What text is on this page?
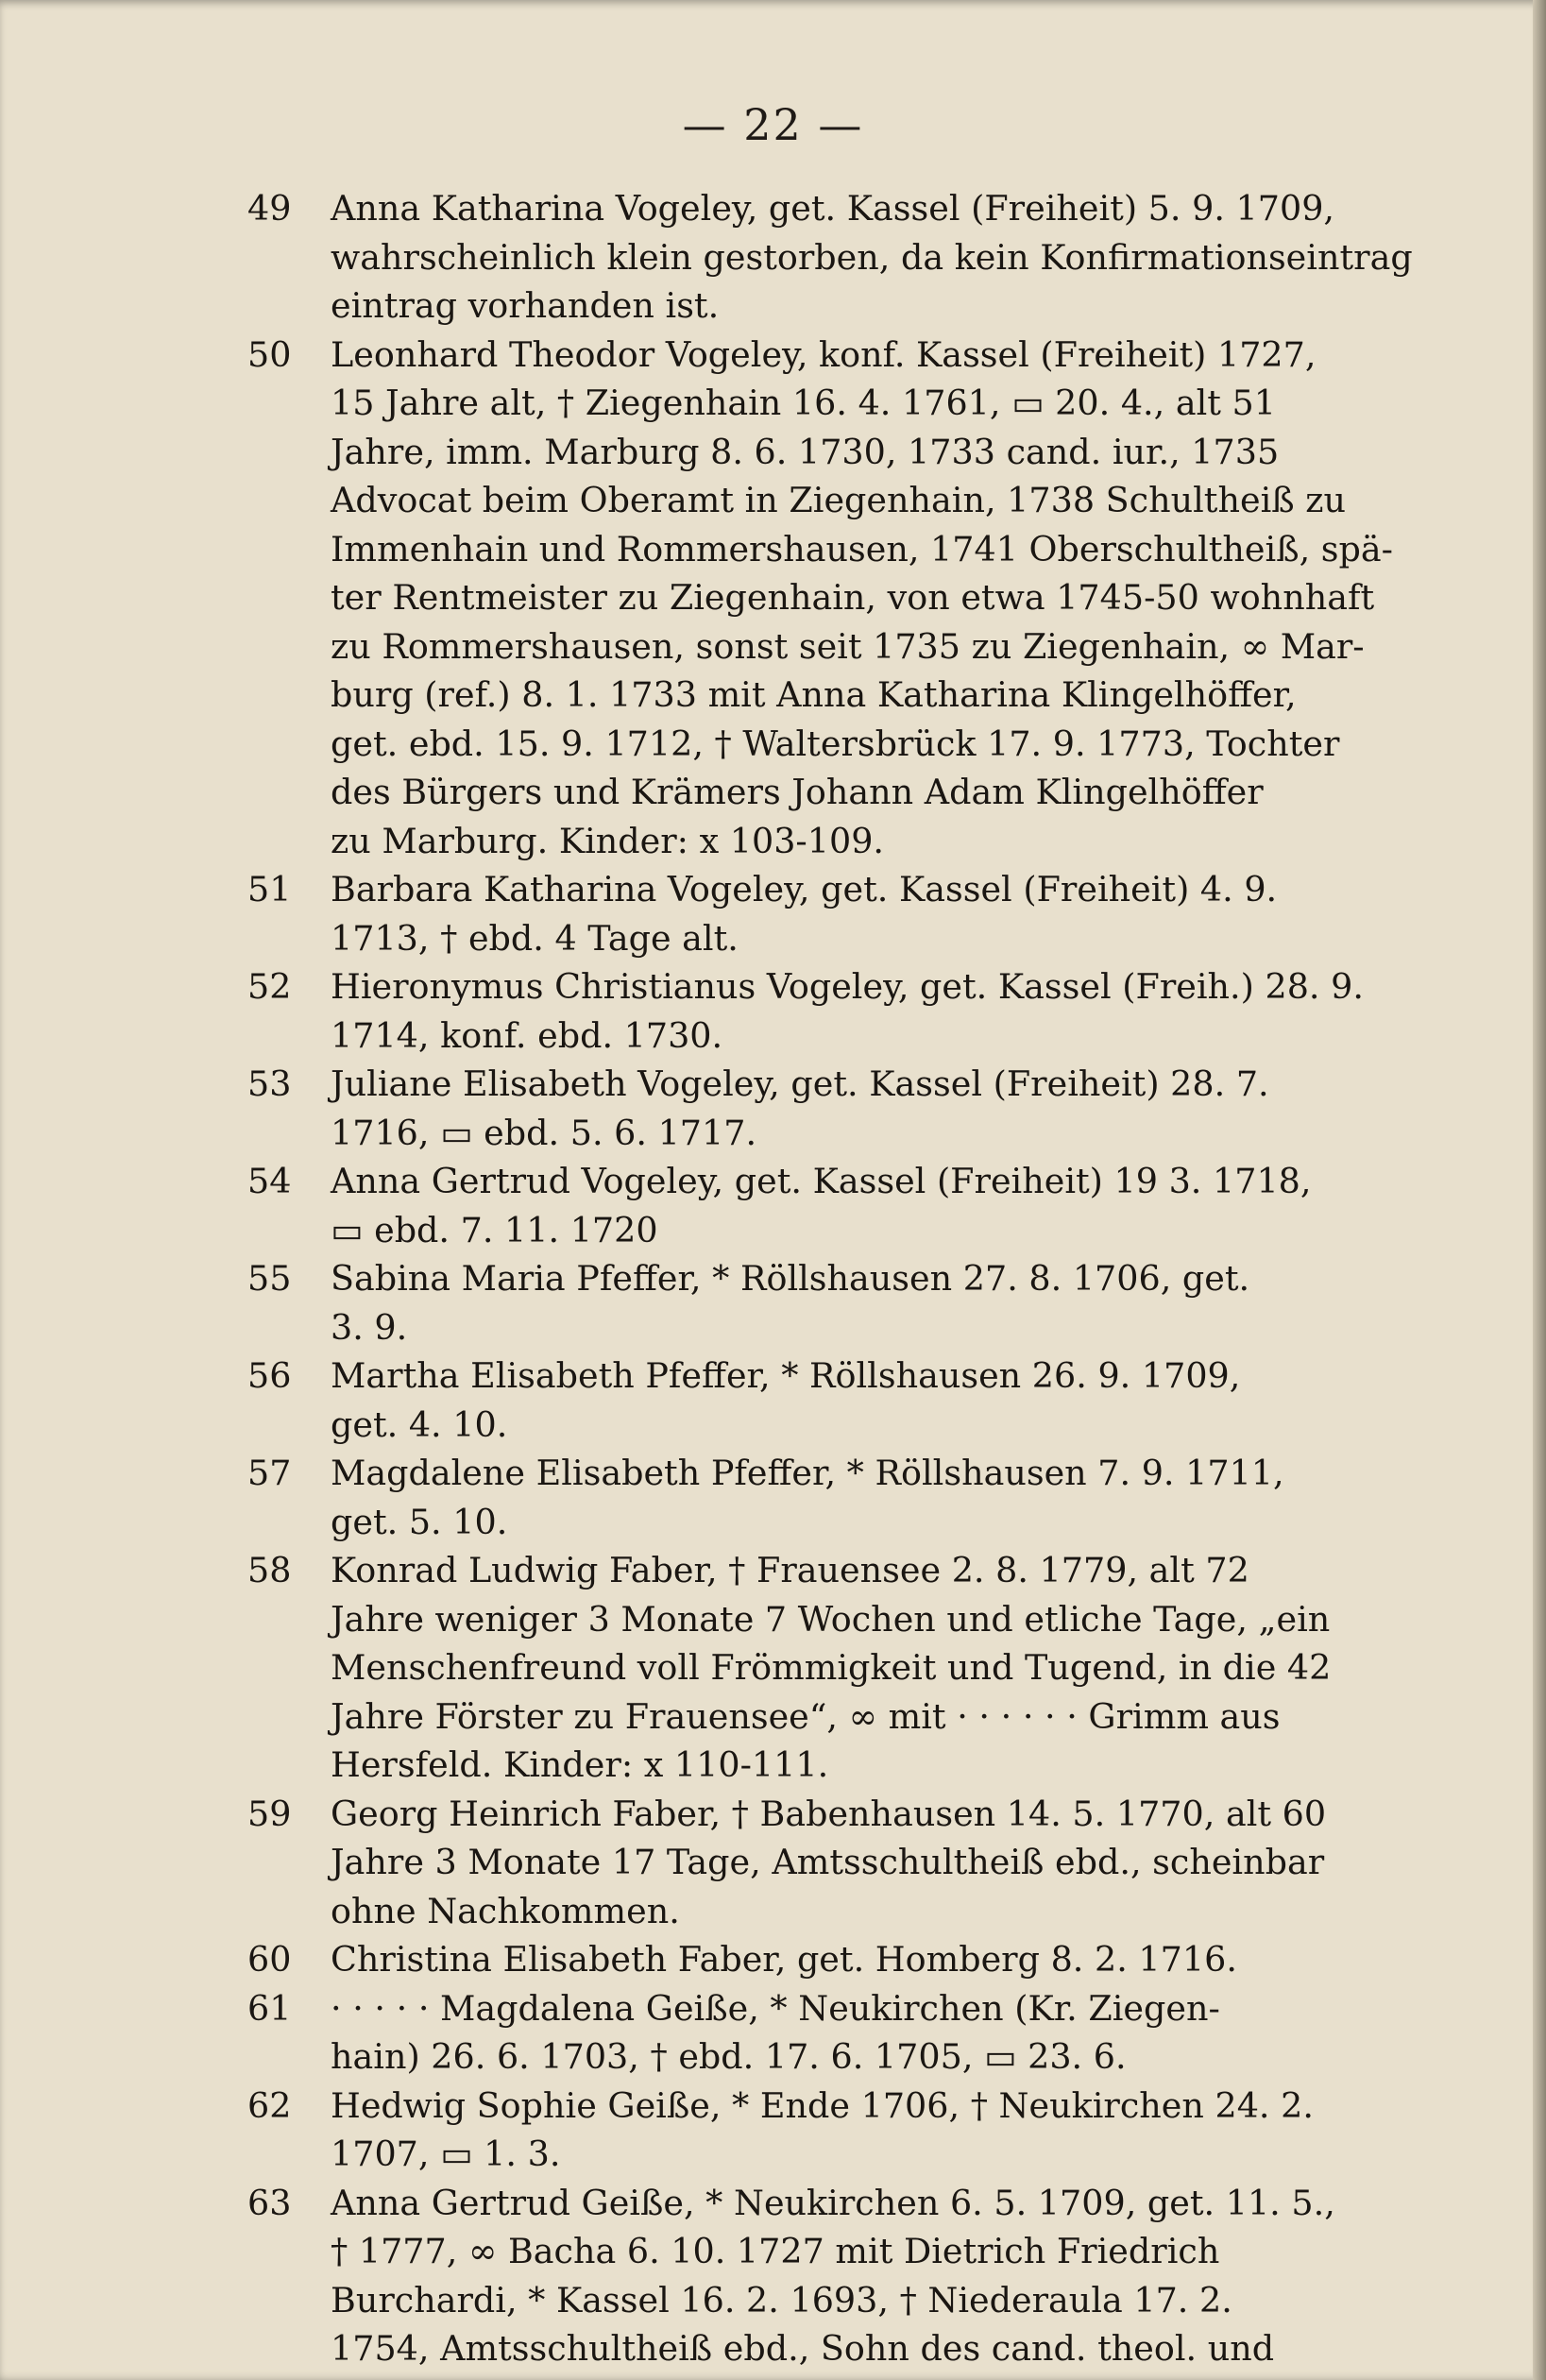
— 22 —
49	Anna Katharina Vogeley, get. Kassel (Freiheit) 5. 9. 1709,
wahrscheinlich klein gestorben, da kein Konfirmationseintrag
eintrag vorhanden ist.
50	Leonhard Theodor Vogeley, konf. Kassel (Freiheit) 1727,
15 Jahre alt, † Ziegenhain 16. 4. 1761, ▭ 20. 4., alt 51
Jahre, imm. Marburg 8. 6. 1730, 1733 cand. iur., 1735
Advocat beim Oberamt in Ziegenhain, 1738 Schultheiß zu
Immenhain und Rommershausen, 1741 Oberschultheiß, spä-
ter Rentmeister zu Ziegenhain, von etwa 1745-50 wohnhaft
zu Rommershausen, sonst seit 1735 zu Ziegenhain, ∞ Mar-
burg (ref.) 8. 1. 1733 mit Anna Katharina Klingelhöffer,
get. ebd. 15. 9. 1712, † Waltersbrück 17. 9. 1773, Tochter
des Bürgers und Krämers Johann Adam Klingelhöffer
zu Marburg. Kinder: x 103-109.
51	Barbara Katharina Vogeley, get. Kassel (Freiheit) 4. 9.
1713, † ebd. 4 Tage alt.
52	Hieronymus Christianus Vogeley, get. Kassel (Freih.) 28. 9.
1714, konf. ebd. 1730.
53	Juliane Elisabeth Vogeley, get. Kassel (Freiheit) 28. 7.
1716, ▭ ebd. 5. 6. 1717.
54	Anna Gertrud Vogeley, get. Kassel (Freiheit) 19 3. 1718,
▭ ebd. 7. 11. 1720
55	Sabina Maria Pfeffer, * Röllshausen 27. 8. 1706, get.
3. 9.
56	Martha Elisabeth Pfeffer, * Röllshausen 26. 9. 1709,
get. 4. 10.
57	Magdalene Elisabeth Pfeffer, * Röllshausen 7. 9. 1711,
get. 5. 10.
58	Konrad Ludwig Faber, † Frauensee 2. 8. 1779, alt 72
Jahre weniger 3 Monate 7 Wochen und etliche Tage, „ein
Menschenfreund voll Frömmigkeit und Tugend, in die 42
Jahre Förster zu Frauensee“, ∞ mit · · · · · · Grimm aus
Hersfeld. Kinder: x 110-111.
59	Georg Heinrich Faber, † Babenhausen 14. 5. 1770, alt 60
Jahre 3 Monate 17 Tage, Amtsschultheiß ebd., scheinbar
ohne Nachkommen.
60	Christina Elisabeth Faber, get. Homberg 8. 2. 1716.
61	· · · · · Magdalena Geiße, * Neukirchen (Kr. Ziegen-
hain) 26. 6. 1703, † ebd. 17. 6. 1705, ▭ 23. 6.
62	Hedwig Sophie Geiße, * Ende 1706, † Neukirchen 24. 2.
1707, ▭ 1. 3.
63	Anna Gertrud Geiße, * Neukirchen 6. 5. 1709, get. 11. 5.,
† 1777, ∞ Bacha 6. 10. 1727 mit Dietrich Friedrich
Burchardi, * Kassel 16. 2. 1693, † Niederaula 17. 2.
1754, Amtsschultheiß ebd., Sohn des cand. theol. und
